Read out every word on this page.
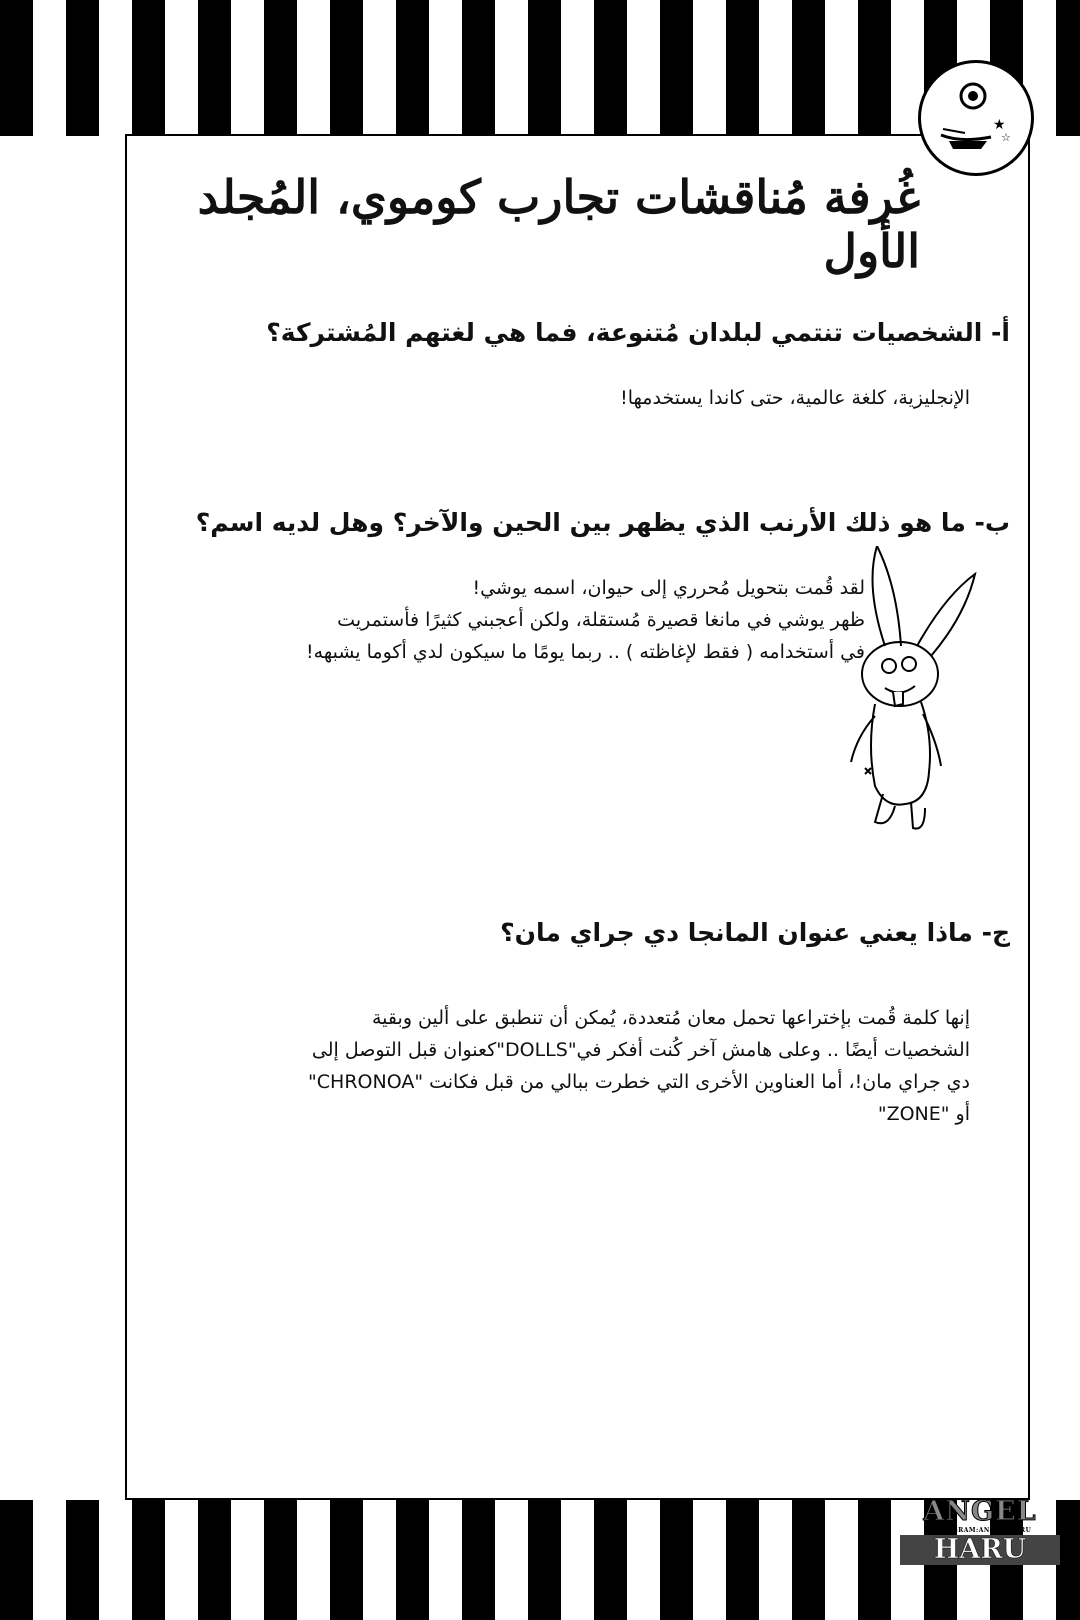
★
☆
غُرفة مُناقشات تجارب كوموي، المُجلد الأول
أ- الشخصيات تنتمي لبلدان مُتنوعة، فما هي لغتهم المُشتركة؟

الإنجليزية، كلغة عالمية، حتى كاندا يستخدمها!

ب- ما هو ذلك الأرنب الذي يظهر بين الحين والآخر؟ وهل لديه اسم؟

لقد قُمت بتحويل مُحرري إلى حيوان، اسمه يوشي!

ظهر يوشي في مانغا قصيرة مُستقلة، ولكن أعجبني كثيرًا فأستمريت

في أستخدامه ( فقط لإغاظته ) .. ربما يومًا ما سيكون لدي أكوما يشبهه!

ج- ماذا يعني عنوان المانجا دي جراي مان؟

إنها كلمة قُمت بإختراعها تحمل معان مُتعددة، يُمكن أن تنطبق على ألين وبقية

الشخصيات أيضًا .. وعلى هامش آخر كُنت أفكر في"DOLLS"كعنوان قبل التوصل إلى

دي جراي مان!، أما العناوين الأخرى التي خطرت ببالي من قبل فكانت "CHRONOA"

أو "ZONE"

ANGEL
INSTAGRAM:ANGEL_HARU
HARU
